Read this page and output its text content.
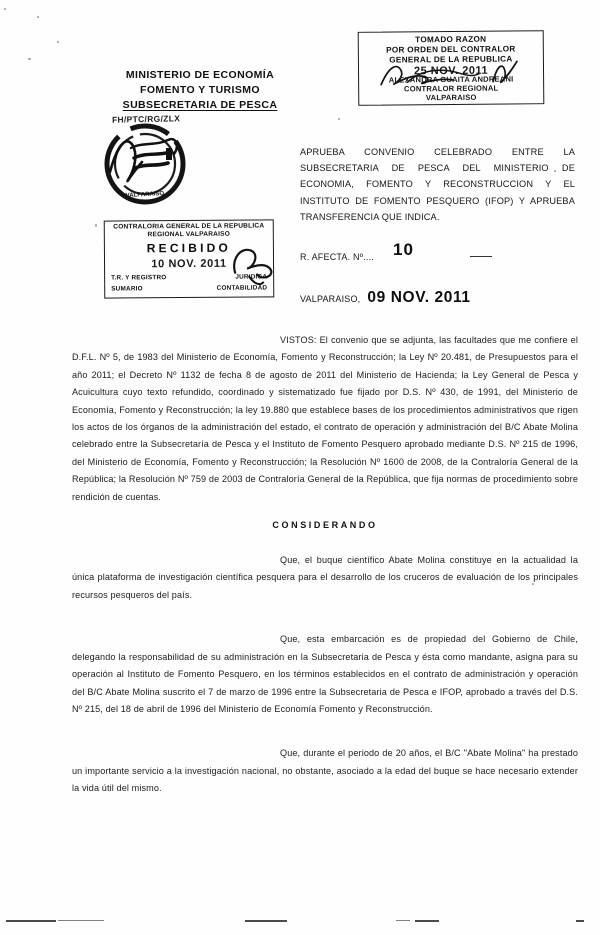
MINISTERIO DE ECONOMÍA
FOMENTO Y TURISMO
SUBSECRETARIA DE PESCA
FH/PTC/RG/ZLX
VALPARAISO
TOMADO RAZON
POR ORDEN DEL CONTRALOR
GENERAL DE LA REPUBLICA
25 NOV. 2011
ALEXANDRA GUAITA ANDREANI
CONTRALOR REGIONAL
VALPARAISO
CONTRALORIA GENERAL DE LA REPUBLICA
REGIONAL VALPARAISO
RECIBIDO
10 NOV. 2011
T.R. Y REGISTRO	JURIDICA
SUMARIO	CONTABILIDAD
APRUEBA CONVENIO CELEBRADO ENTRE LA SUBSECRETARIA DE PESCA DEL MINISTERIO DE ECONOMIA, FOMENTO Y RECONSTRUCCION Y EL INSTITUTO DE FOMENTO PESQUERO (IFOP) Y APRUEBA TRANSFERENCIA QUE INDICA.
R. AFECTA. Nº.... 10
VALPARAISO, 09 NOV. 2011

VISTOS: El convenio que se adjunta, las facultades que me confiere el D.F.L. Nº 5, de 1983 del Ministerio de Economía, Fomento y Reconstrucción; la Ley Nº 20.481, de Presupuestos para el año 2011; el Decreto Nº 1132 de fecha 8 de agosto de 2011 del Ministerio de Hacienda; la Ley General de Pesca y Acuicultura cuyo texto refundido, coordinado y sistematizado fue fijado por D.S. Nº 430, de 1991, del Ministerio de Economía, Fomento y Reconstrucción; la ley 19.880 que establece bases de los procedimientos administrativos que rigen los actos de los órganos de la administración del estado, el contrato de operación y administración del B/C Abate Molina celebrado entre la Subsecretaría de Pesca y el Instituto de Fomento Pesquero aprobado mediante D.S. Nº 215 de 1996, del Ministerio de Economía, Fomento y Reconstrucción; la Resolución Nº 1600 de 2008, de la Contraloría General de la República; la Resolución Nº 759 de 2003 de Contraloría General de la República, que fija normas de procedimiento sobre rendición de cuentas.

CONSIDERANDO

Que, el buque científico Abate Molina constituye en la actualidad la única plataforma de investigación científica pesquera para el desarrollo de los cruceros de evaluación de los principales recursos pesqueros del país.

Que, esta embarcación es de propiedad del Gobierno de Chile, delegando la responsabilidad de su administración en la Subsecretaria de Pesca y ésta como mandante, asigna para su operación al Instituto de Fomento Pesquero, en los términos establecidos en el contrato de administración y operación del B/C Abate Molina suscrito el 7 de marzo de 1996 entre la Subsecretaria de Pesca e IFOP, aprobado a través del D.S. Nº 215, del 18 de abril de 1996 del Ministerio de Economía Fomento y Reconstrucción.

Que, durante el periodo de 20 años, el B/C "Abate Molina" ha prestado un importante servicio a la investigación nacional, no obstante, asociado a la edad del buque se hace necesario extender la vida útil del mismo.
